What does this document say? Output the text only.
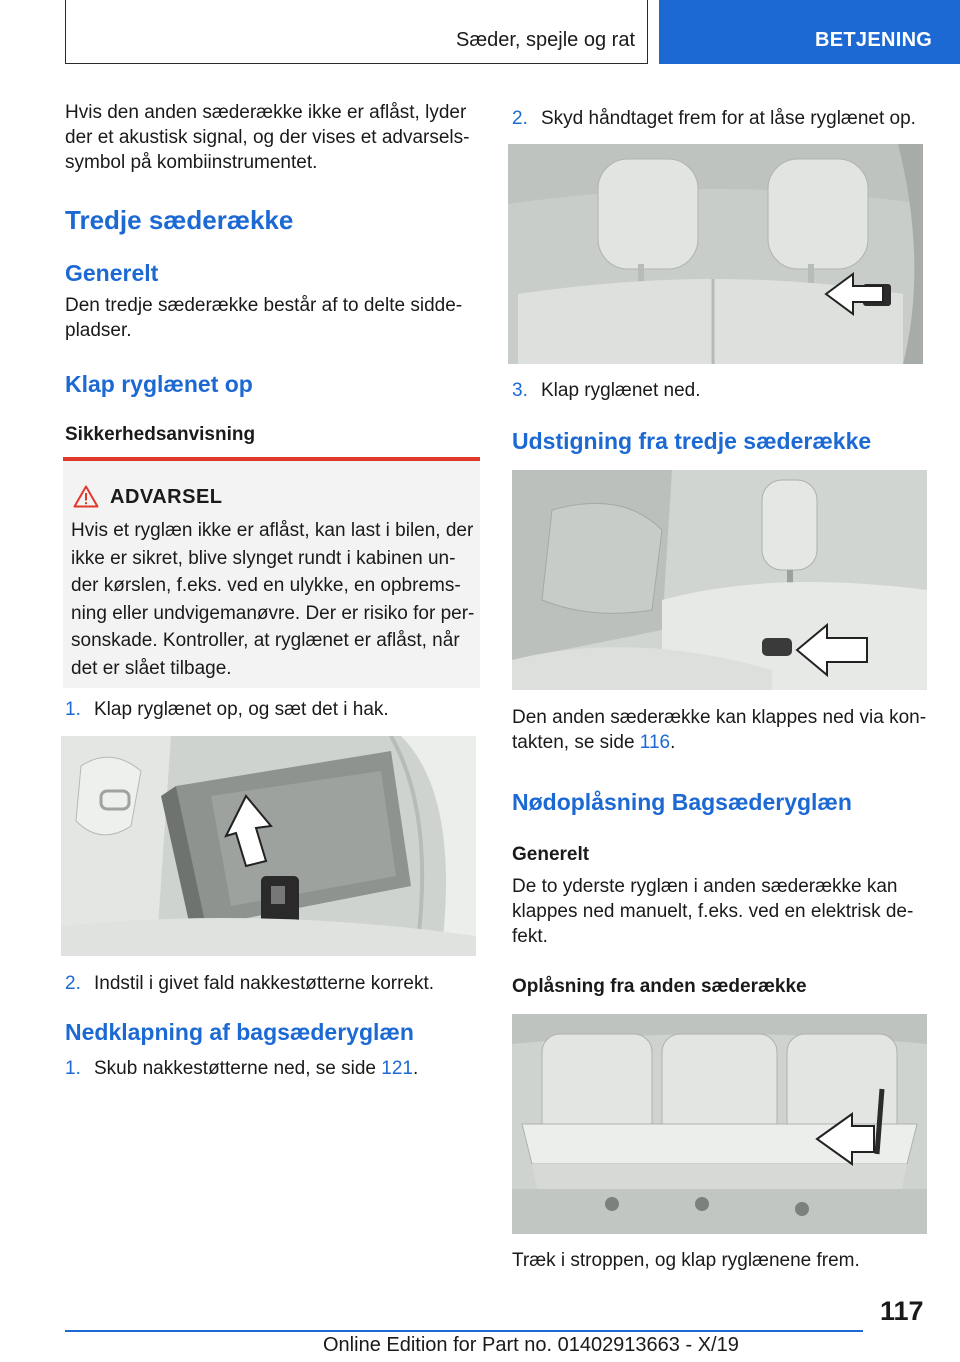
Sæder, spejle og rat	BETJENING
Hvis den anden sæderække ikke er aflåst, lyder
der et akustisk signal, og der vises et advarsels-
symbol på kombiinstrumentet.
Tredje sæderække
Generelt
Den tredje sæderække består af to delte sidde-
pladser.
Klap ryglænet op
Sikkerhedsanvisning
ADVARSEL
Hvis et ryglæn ikke er aflåst, kan last i bilen, der
ikke er sikret, blive slynget rundt i kabinen un-
der kørslen, f.eks. ved en ulykke, en opbrems-
ning eller undvigemanøvre. Der er risiko for per-
sonskade. Kontroller, at ryglænet er aflåst, når
det er slået tilbage.
1. Klap ryglænet op, og sæt det i hak.
2. Indstil i givet fald nakkestøtterne korrekt.
Nedklapning af bagsæderyglæn
1. Skub nakkestøtterne ned, se side 121.
2. Skyd håndtaget frem for at låse ryglænet op.
3. Klap ryglænet ned.
Udstigning fra tredje sæderække
Den anden sæderække kan klappes ned via kon-
takten, se side 116.
Nødoplåsning Bagsæderyglæn
Generelt
De to yderste ryglæn i anden sæderække kan
klappes ned manuelt, f.eks. ved en elektrisk de-
fekt.
Oplåsning fra anden sæderække
Træk i stroppen, og klap ryglænene frem.
117
Online Edition for Part no. 01402913663 - X/19
